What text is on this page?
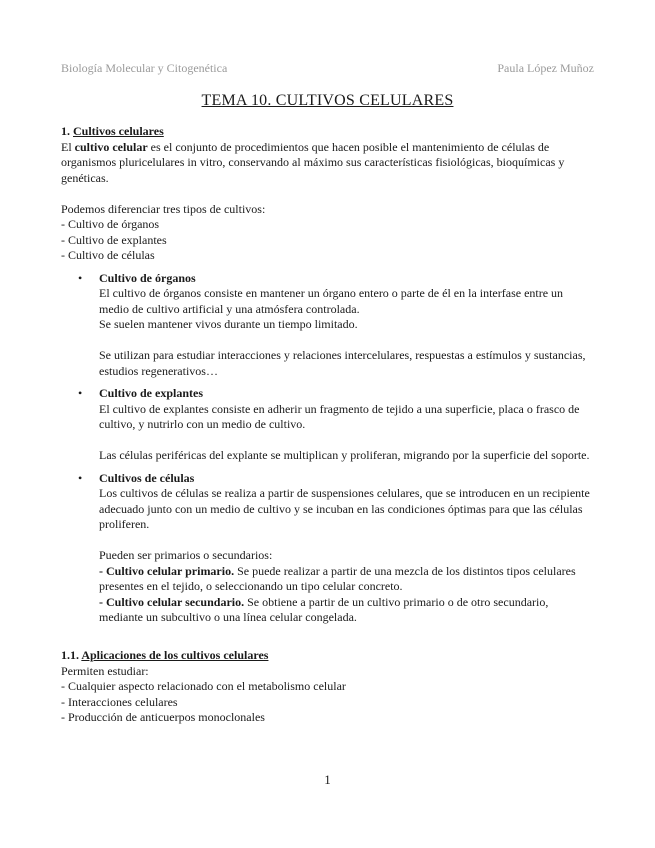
Biología Molecular y Citogenética	Paula López Muñoz
TEMA 10. CULTIVOS CELULARES

1. Cultivos celulares

El cultivo celular es el conjunto de procedimientos que hacen posible el mantenimiento de células de organismos pluricelulares in vitro, conservando al máximo sus características fisiológicas, bioquímicas y genéticas.

Podemos diferenciar tres tipos de cultivos:

- Cultivo de órganos

- Cultivo de explantes

- Cultivo de células

• Cultivo de órganos

El cultivo de órganos consiste en mantener un órgano entero o parte de él en la interfase entre un medio de cultivo artificial y una atmósfera controlada.

Se suelen mantener vivos durante un tiempo limitado.

Se utilizan para estudiar interacciones y relaciones intercelulares, respuestas a estímulos y sustancias, estudios regenerativos…

• Cultivo de explantes

El cultivo de explantes consiste en adherir un fragmento de tejido a una superficie, placa o frasco de cultivo, y nutrirlo con un medio de cultivo.

Las células periféricas del explante se multiplican y proliferan, migrando por la superficie del soporte.

• Cultivos de células

Los cultivos de células se realiza a partir de suspensiones celulares, que se introducen en un recipiente adecuado junto con un medio de cultivo y se incuban en las condiciones óptimas para que las células proliferen.

Pueden ser primarios o secundarios:

- Cultivo celular primario. Se puede realizar a partir de una mezcla de los distintos tipos celulares presentes en el tejido, o seleccionando un tipo celular concreto.

- Cultivo celular secundario. Se obtiene a partir de un cultivo primario o de otro secundario, mediante un subcultivo o una línea celular congelada.

1.1. Aplicaciones de los cultivos celulares

Permiten estudiar:

- Cualquier aspecto relacionado con el metabolismo celular

- Interacciones celulares

- Producción de anticuerpos monoclonales

1
